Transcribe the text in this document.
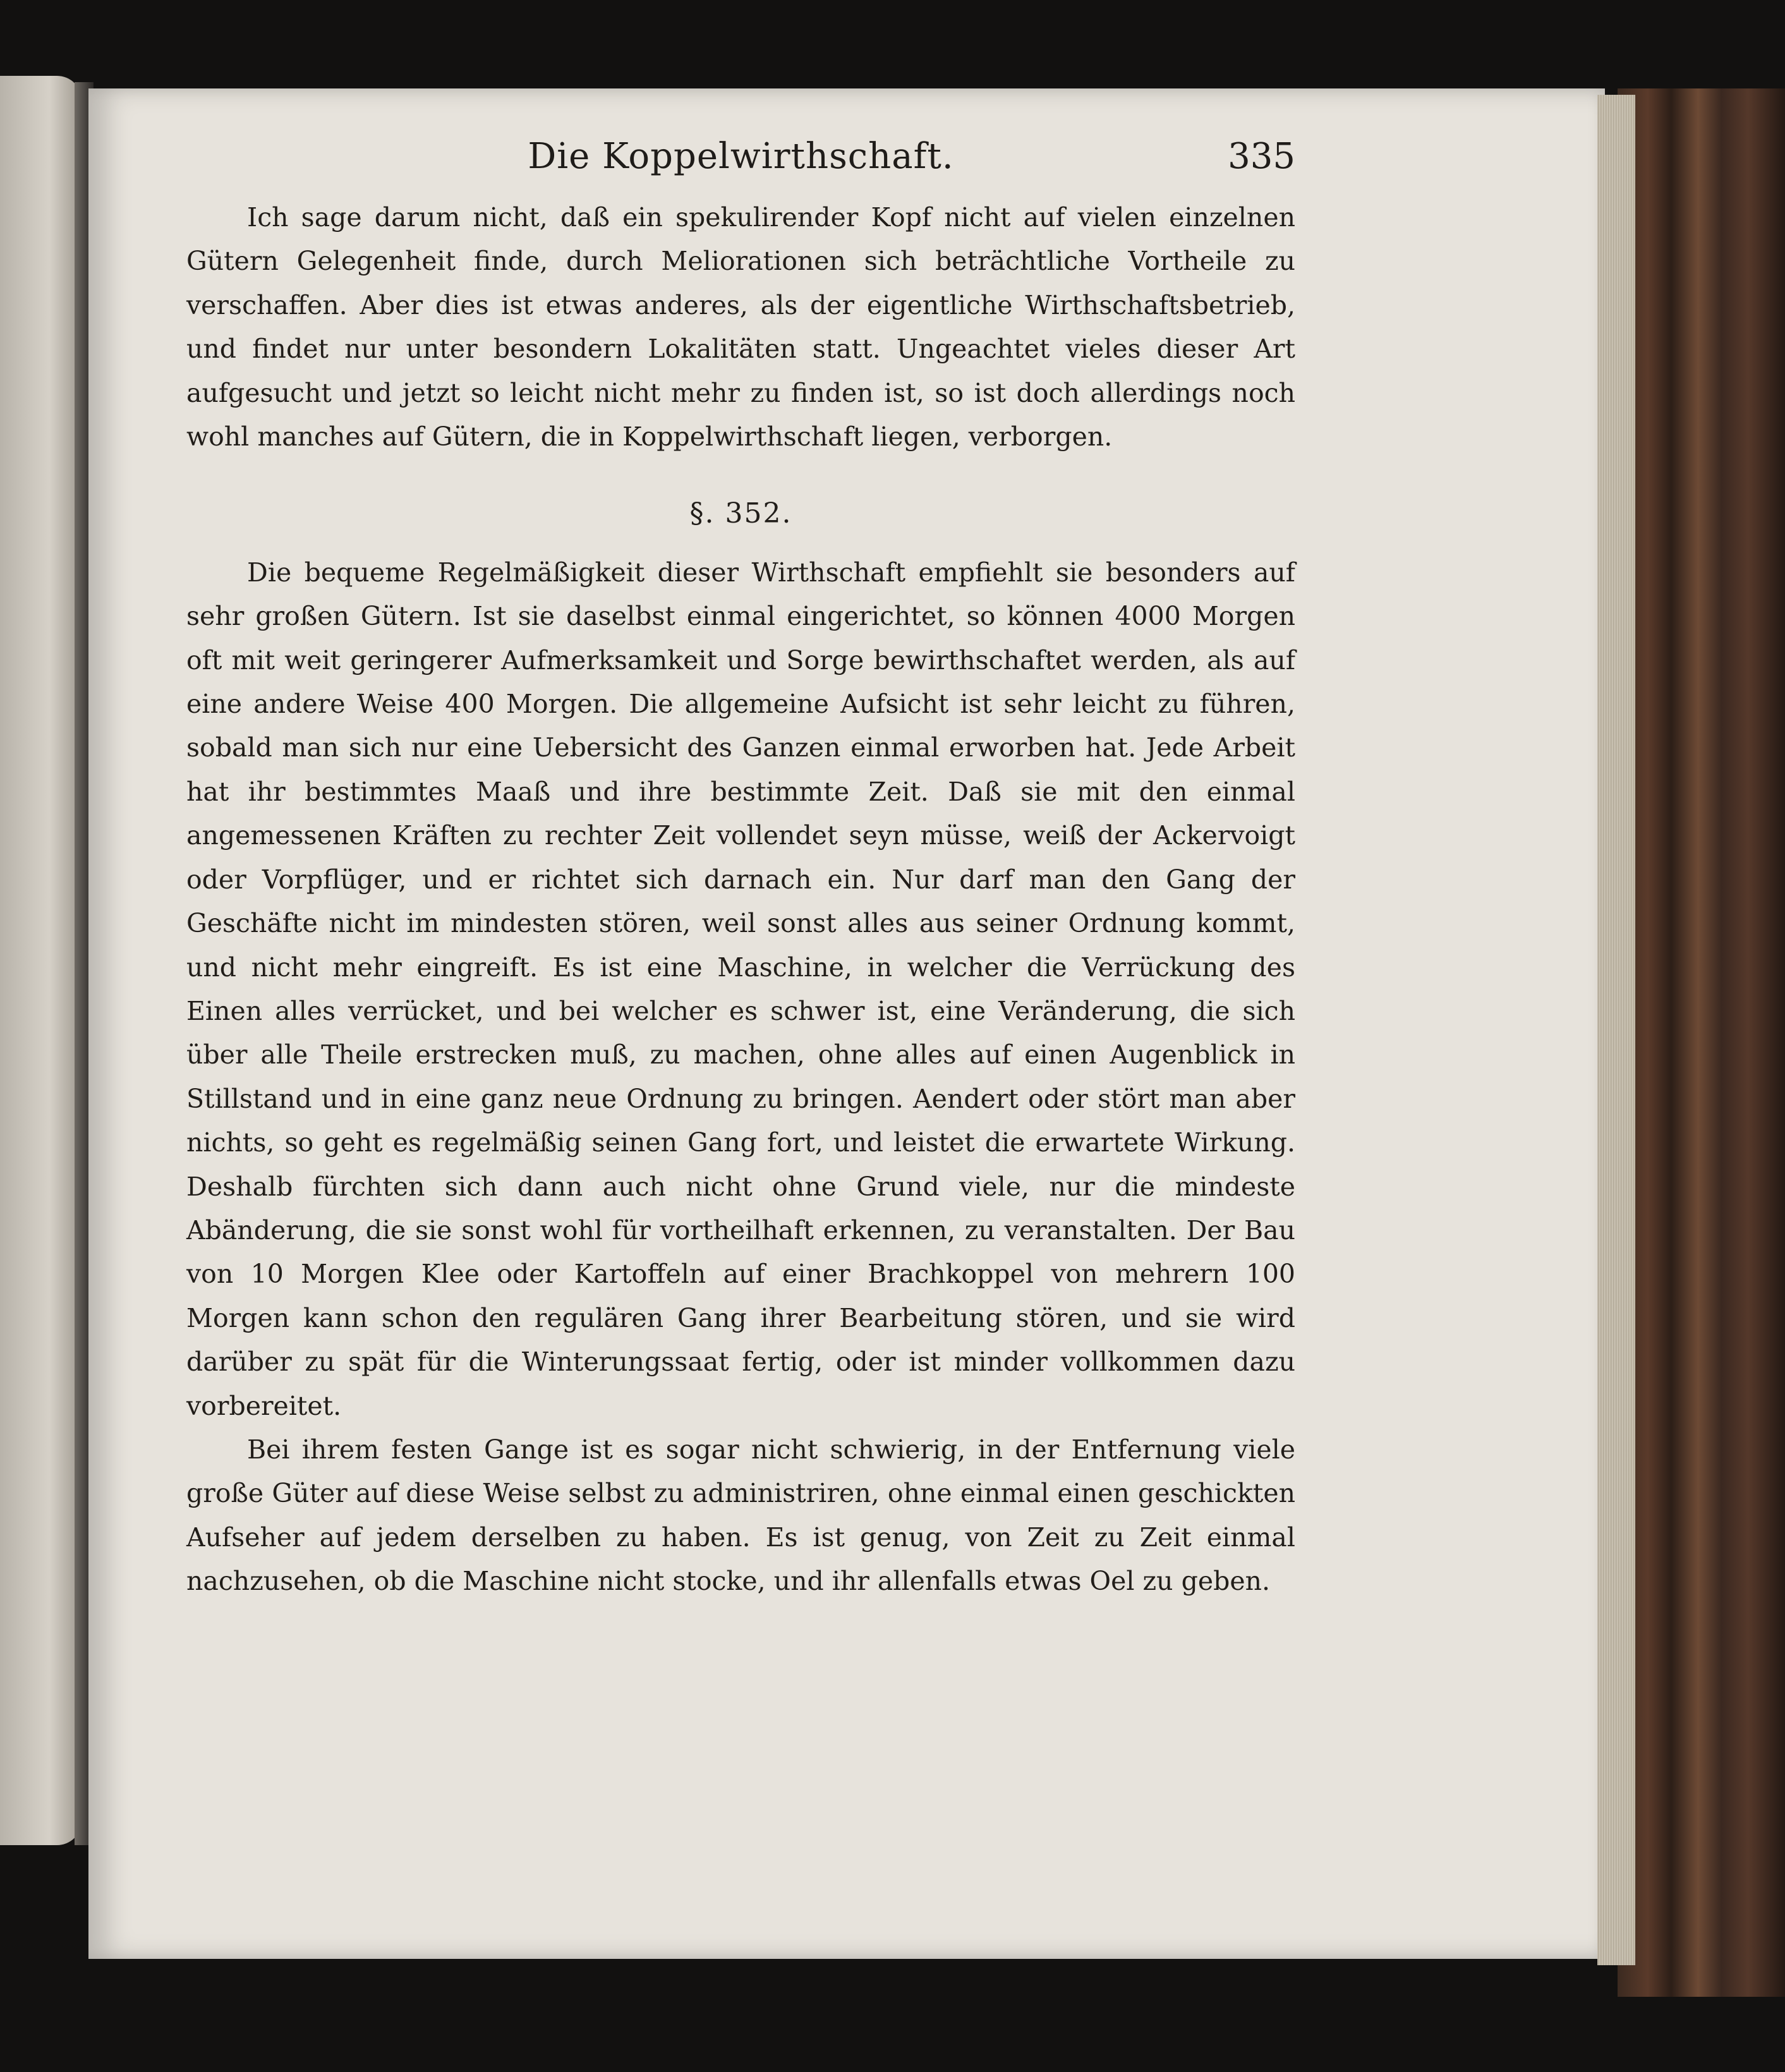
Die Koppelwirthschaft.	335

Ich sage darum nicht, daß ein spekulirender Kopf nicht auf vielen einzelnen Gütern Gelegenheit finde, durch Meliorationen sich beträchtliche Vortheile zu verschaffen. Aber dies ist etwas anderes, als der eigentliche Wirthschaftsbetrieb, und findet nur unter besondern Lokalitäten statt. Ungeachtet vieles dieser Art aufgesucht und jetzt so leicht nicht mehr zu finden ist, so ist doch allerdings noch wohl manches auf Gütern, die in Koppelwirthschaft liegen, verborgen.

§. 352.

Die bequeme Regelmäßigkeit dieser Wirthschaft empfiehlt sie besonders auf sehr großen Gütern. Ist sie daselbst einmal eingerichtet, so können 4000 Morgen oft mit weit geringerer Aufmerksamkeit und Sorge bewirthschaftet werden, als auf eine andere Weise 400 Morgen. Die allgemeine Aufsicht ist sehr leicht zu führen, sobald man sich nur eine Uebersicht des Ganzen einmal erworben hat. Jede Arbeit hat ihr bestimmtes Maaß und ihre bestimmte Zeit. Daß sie mit den einmal angemessenen Kräften zu rechter Zeit vollendet seyn müsse, weiß der Ackervoigt oder Vorpflüger, und er richtet sich darnach ein. Nur darf man den Gang der Geschäfte nicht im mindesten stören, weil sonst alles aus seiner Ordnung kommt, und nicht mehr eingreift. Es ist eine Maschine, in welcher die Verrückung des Einen alles verrücket, und bei welcher es schwer ist, eine Veränderung, die sich über alle Theile erstrecken muß, zu machen, ohne alles auf einen Augenblick in Stillstand und in eine ganz neue Ordnung zu bringen. Aendert oder stört man aber nichts, so geht es regelmäßig seinen Gang fort, und leistet die erwartete Wirkung. Deshalb fürchten sich dann auch nicht ohne Grund viele, nur die mindeste Abänderung, die sie sonst wohl für vortheilhaft erkennen, zu veranstalten. Der Bau von 10 Morgen Klee oder Kartoffeln auf einer Brachkoppel von mehrern 100 Morgen kann schon den regulären Gang ihrer Bearbeitung stören, und sie wird darüber zu spät für die Winterungssaat fertig, oder ist minder vollkommen dazu vorbereitet.

Bei ihrem festen Gange ist es sogar nicht schwierig, in der Entfernung viele große Güter auf diese Weise selbst zu administriren, ohne einmal einen geschickten Aufseher auf jedem derselben zu haben. Es ist genug, von Zeit zu Zeit einmal nachzusehen, ob die Maschine nicht stocke, und ihr allenfalls etwas Oel zu geben.
